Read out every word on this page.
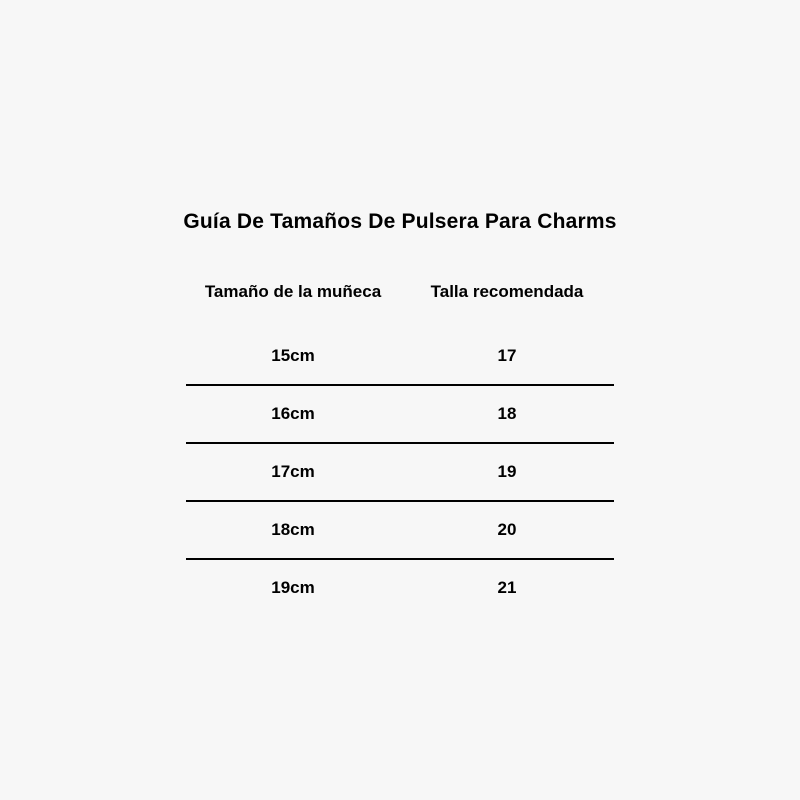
Guía De Tamaños De Pulsera Para Charms
Tamaño de la muñeca	Talla recomendada
15cm	17
16cm	18
17cm	19
18cm	20
19cm	21
